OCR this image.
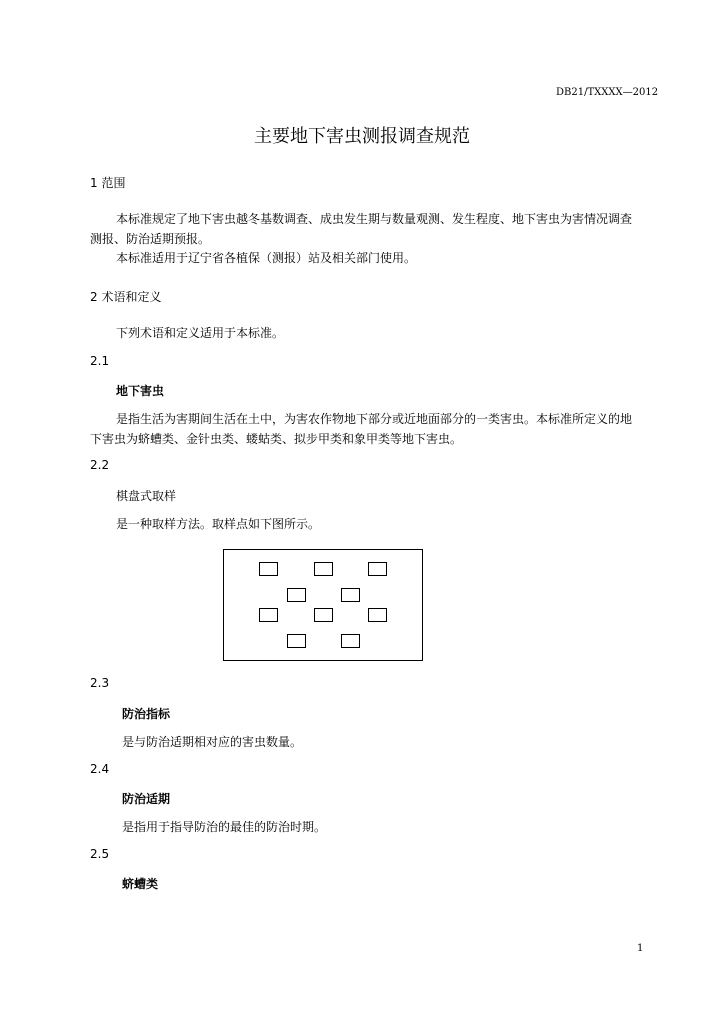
DB21/TXXXX—2012
主要地下害虫测报调查规范
1 范围
本标准规定了地下害虫越冬基数调查、成虫发生期与数量观测、发生程度、地下害虫为害情况调查
测报、防治适期预报。
本标准适用于辽宁省各植保（测报）站及相关部门使用。
2 术语和定义
下列术语和定义适用于本标准。
2.1
地下害虫
是指生活为害期间生活在土中，为害农作物地下部分或近地面部分的一类害虫。本标准所定义的地
下害虫为蛴螬类、金针虫类、蝼蛄类、拟步甲类和象甲类等地下害虫。
2.2
棋盘式取样
是一种取样方法。取样点如下图所示。
2.3
防治指标
是与防治适期相对应的害虫数量。
2.4
防治适期
是指用于指导防治的最佳的防治时期。
2.5
蛴螬类
1
